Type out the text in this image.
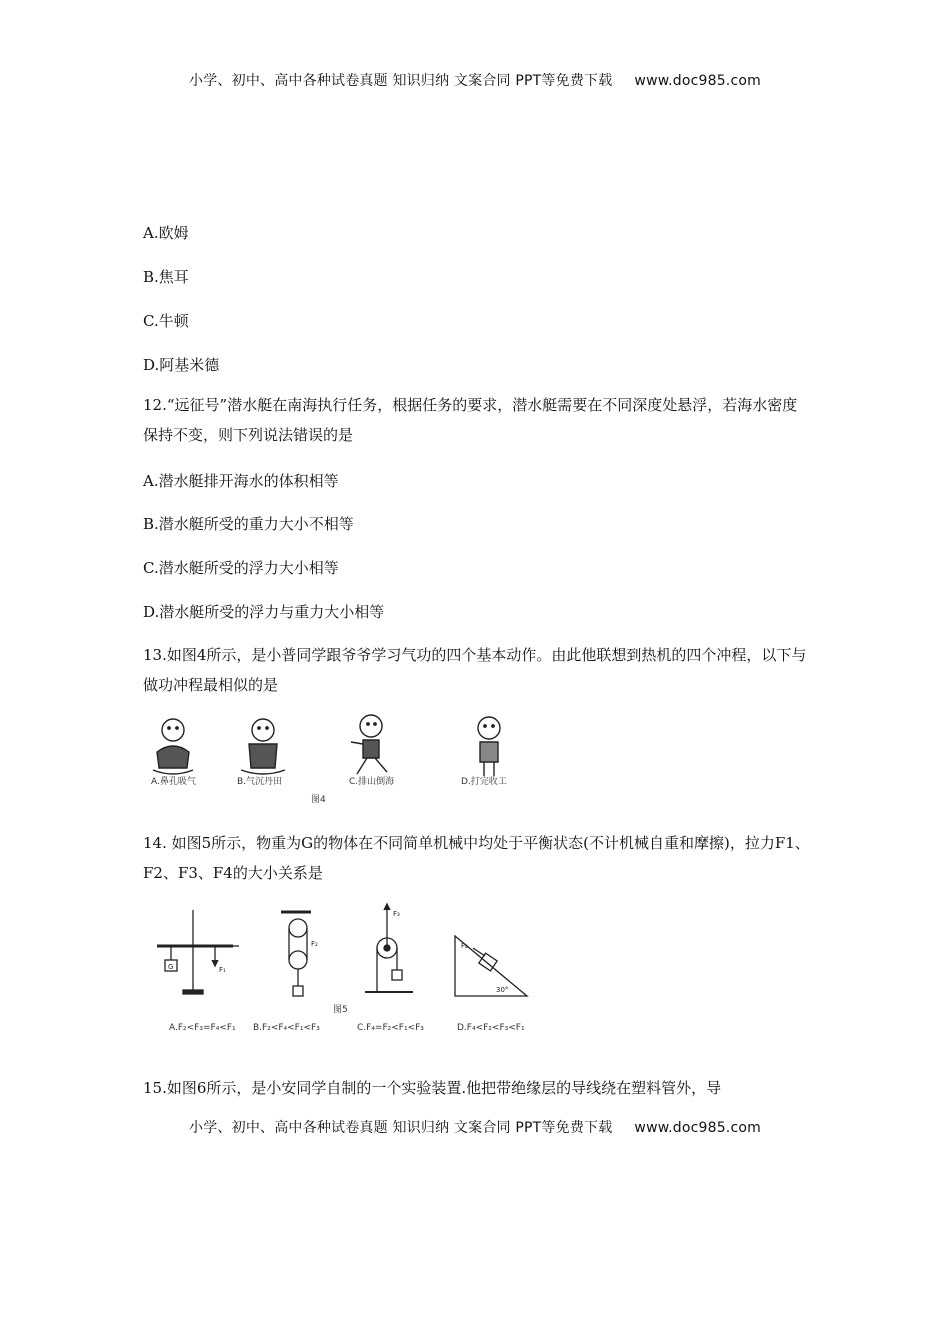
小学、初中、高中各种试卷真题 知识归纳 文案合同 PPT等免费下载 www.doc985.com
A.欧姆
B.焦耳
C.牛顿
D.阿基米德
12.“远征号”潜水艇在南海执行任务，根据任务的要求，潜水艇需要在不同深度处悬浮，若海水密度保持不变，则下列说法错误的是
A.潜水艇排开海水的体积相等
B.潜水艇所受的重力大小不相等
C.潜水艇所受的浮力大小相等
D.潜水艇所受的浮力与重力大小相等
13.如图4所示，是小普同学跟爷爷学习气功的四个基本动作。由此他联想到热机的四个冲程，以下与做功冲程最相似的是
A.鼻孔吸气	B.气沉丹田	C.排山倒海	D.打完收工
图4
14. 如图5所示，物重为G的物体在不同简单机械中均处于平衡状态(不计机械自重和摩擦)，拉力F1、F2、F3、F4的大小关系是
G	F₁
F₂
F₃
F₄
30°
图5
A.F₂<F₃=F₄<F₁ B.F₂<F₄<F₁<F₃	C.F₄=F₂<F₁<F₃	D.F₄<F₂<F₃<F₁
15.如图6所示，是小安同学自制的一个实验装置.他把带绝缘层的导线绕在塑料管外，导
小学、初中、高中各种试卷真题 知识归纳 文案合同 PPT等免费下载 www.doc985.com
